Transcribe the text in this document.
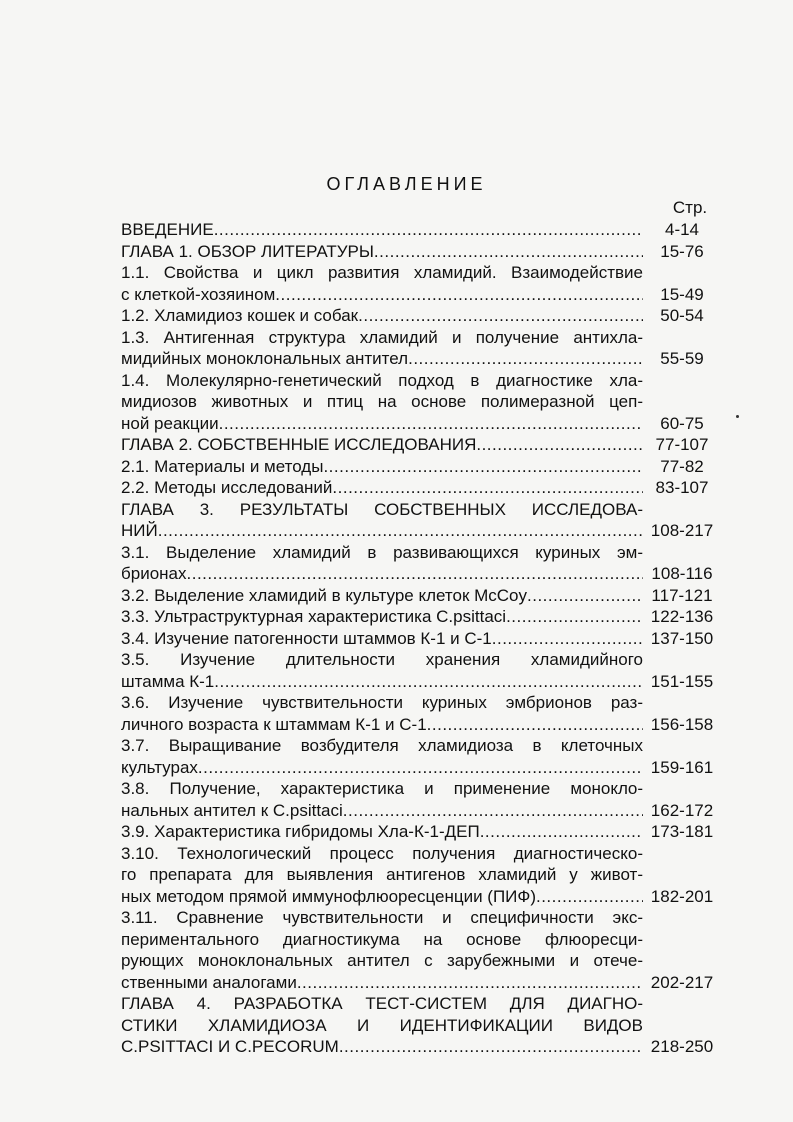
ОГЛАВЛЕНИЕ
Стр.
ВВЕДЕНИЕ .....	4-14
ГЛАВА 1. ОБЗОР ЛИТЕРАТУРЫ .....	15-76
1.1. Свойства и цикл развития хламидий. Взаимодействие
с клеткой-хозяином .....	15-49
1.2. Хламидиоз кошек и собак .....	50-54
1.3. Антигенная структура хламидий и получение антихла-
мидийных моноклональных антител .....	55-59
1.4. Молекулярно-генетический подход в диагностике хла-
мидиозов животных и птиц на основе полимеразной цеп-
ной реакции .....	60-75
ГЛАВА 2. СОБСТВЕННЫЕ ИССЛЕДОВАНИЯ .....	77-107
2.1. Материалы и методы .....	77-82
2.2. Методы исследований .....	83-107
ГЛАВА 3. РЕЗУЛЬТАТЫ СОБСТВЕННЫХ ИССЛЕДОВА-
НИЙ .....	108-217
3.1. Выделение хламидий в развивающихся куриных эм-
брионах .....	108-116
3.2. Выделение хламидий в культуре клеток McCoy .....	117-121
3.3. Ультраструктурная характеристика C.psittaci .....	122-136
3.4. Изучение патогенности штаммов К-1 и С-1 .....	137-150
3.5. Изучение длительности хранения хламидийного
штамма К-1 .....	151-155
3.6. Изучение чувствительности куриных эмбрионов раз-
личного возраста к штаммам К-1 и С-1 .....	156-158
3.7. Выращивание возбудителя хламидиоза в клеточных
культурах .....	159-161
3.8. Получение, характеристика и применение моноклo-
нальных антител к C.psittaci .....	162-172
3.9. Характеристика гибридомы Хла-К-1-ДЕП .....	173-181
3.10. Технологический процесс получения диагностическо-
го препарата для выявления антигенов хламидий у живот-
ных методом прямой иммунофлюоресценции (ПИФ) .....	182-201
3.11. Сравнение чувствительности и специфичности экс-
периментального диагностикума на основе флюоресци-
рующих моноклональных антител с зарубежными и отече-
ственными аналогами .....	202-217
ГЛАВА 4. РАЗРАБОТКА ТЕСТ-СИСТЕМ ДЛЯ ДИАГНО-
СТИКИ ХЛАМИДИОЗА И ИДЕНТИФИКАЦИИ ВИДОВ
C.PSITTACI И C.PECORUM .....	218-250
